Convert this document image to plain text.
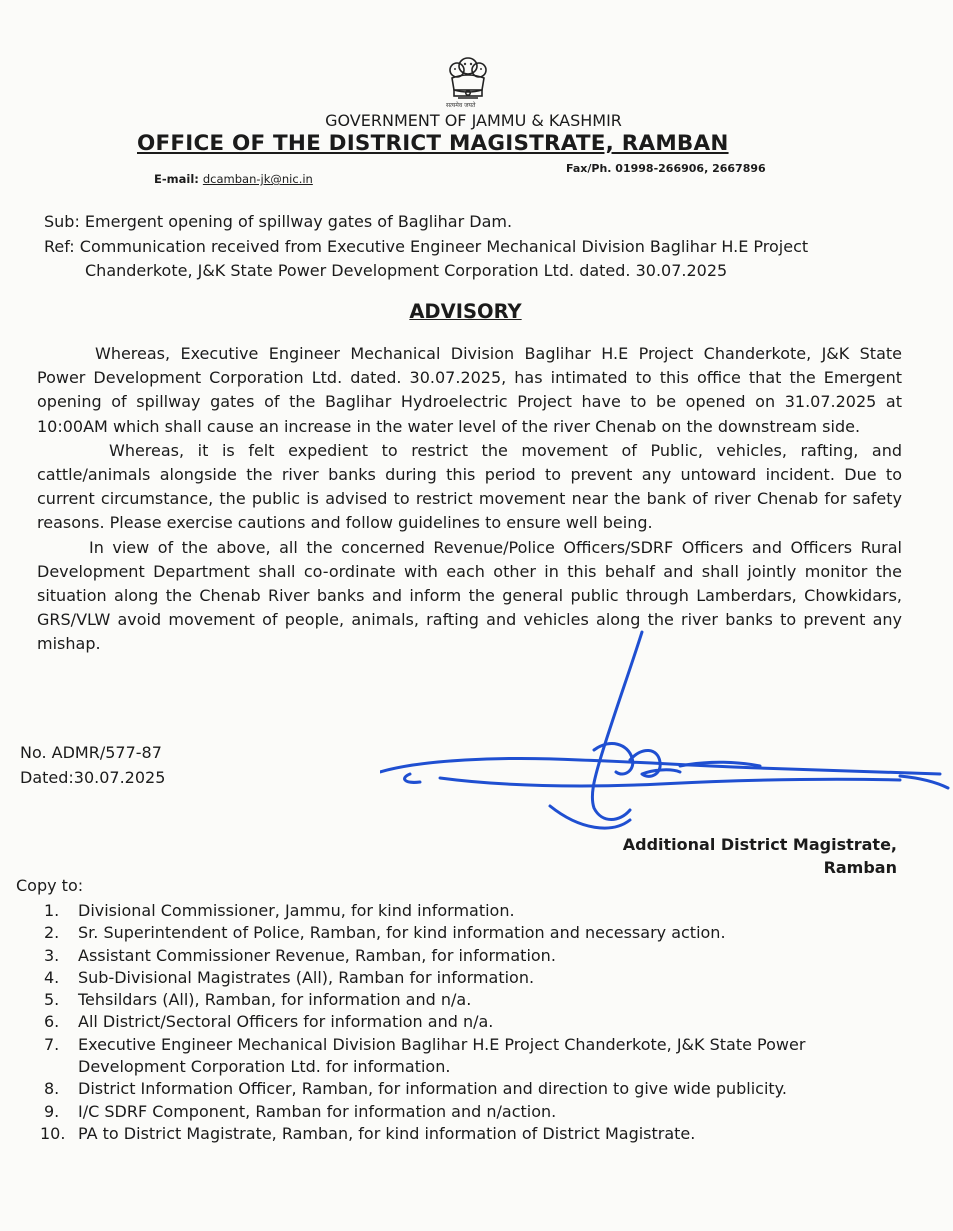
सत्यमेव जयते
GOVERNMENT OF JAMMU & KASHMIR
OFFICE OF THE DISTRICT MAGISTRATE, RAMBAN
E-mail: dcamban-jk@nic.in
Fax/Ph. 01998-266906, 2667896
Sub: Emergent opening of spillway gates of Baglihar Dam.
Ref: Communication received from Executive Engineer Mechanical Division Baglihar H.E Project
Chanderkote, J&K State Power Development Corporation Ltd. dated. 30.07.2025
ADVISORY

Whereas, Executive Engineer Mechanical Division Baglihar H.E Project Chanderkote, J&K State Power Development Corporation Ltd. dated. 30.07.2025, has intimated to this office that the Emergent opening of spillway gates of the Baglihar Hydroelectric Project have to be opened on 31.07.2025 at 10:00AM which shall cause an increase in the water level of the river Chenab on the downstream side.

Whereas, it is felt expedient to restrict the movement of Public, vehicles, rafting, and cattle/animals alongside the river banks during this period to prevent any untoward incident. Due to current circumstance, the public is advised to restrict movement near the bank of river Chenab for safety reasons. Please exercise cautions and follow guidelines to ensure well being.

In view of the above, all the concerned Revenue/Police Officers/SDRF Officers and Officers Rural Development Department shall co-ordinate with each other in this behalf and shall jointly monitor the situation along the Chenab River banks and inform the general public through Lamberdars, Chowkidars, GRS/VLW avoid movement of people, animals, rafting and vehicles along the river banks to prevent any mishap.

No. ADMR/577-87
Dated:30.07.2025
Additional District Magistrate,
Ramban
Copy to:
1. Divisional Commissioner, Jammu, for kind information.
2. Sr. Superintendent of Police, Ramban, for kind information and necessary action.
3. Assistant Commissioner Revenue, Ramban, for information.
4. Sub-Divisional Magistrates (All), Ramban for information.
5. Tehsildars (All), Ramban, for information and n/a.
6. All District/Sectoral Officers for information and n/a.
7. Executive Engineer Mechanical Division Baglihar H.E Project Chanderkote, J&K State Power Development Corporation Ltd. for information.
8. District Information Officer, Ramban, for information and direction to give wide publicity.
9. I/C SDRF Component, Ramban for information and n/action.
10. PA to District Magistrate, Ramban, for kind information of District Magistrate.
